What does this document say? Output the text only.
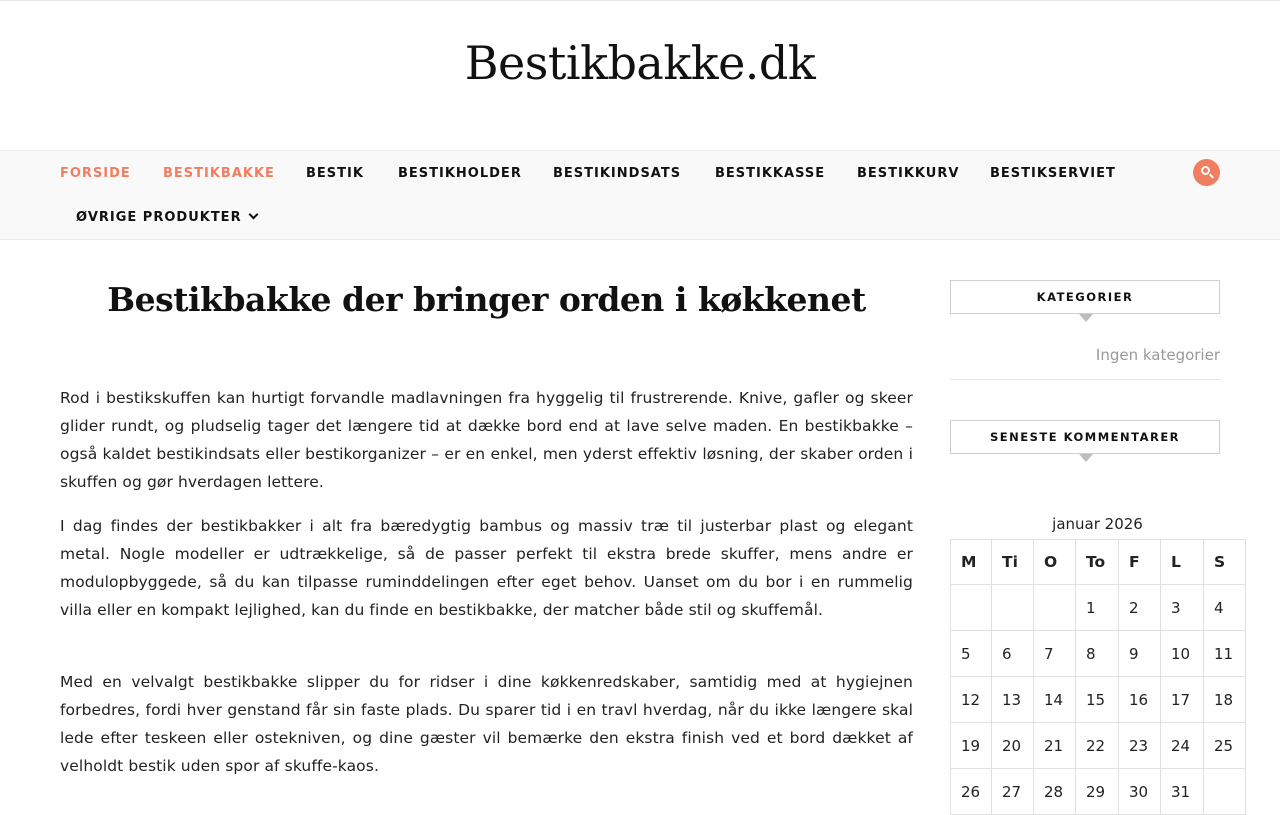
Bestikbakke.dk
FORSIDE BESTIKBAKKE BESTIK	BESTIKHOLDER BESTIKINDSATS	BESTIKKASSE BESTIKKURV BESTIKSERVIET
ØVRIGE PRODUKTER
Bestikbakke der bringer orden i køkkenet

Rod i bestikskuffen kan hurtigt forvandle madlavningen fra hyggelig til frustrerende. Knive, gafler og skeer glider rundt, og pludselig tager det længere tid at dække bord end at lave selve maden. En bestikbakke – også kaldet bestikindsats eller bestikorganizer – er en enkel, men yderst effektiv løsning, der skaber orden i skuffen og gør hverdagen lettere.

I dag findes der bestikbakker i alt fra bæredygtig bambus og massiv træ til justerbar plast og elegant metal. Nogle modeller er udtrækkelige, så de passer perfekt til ekstra brede skuffer, mens andre er modulopbyggede, så du kan tilpasse ruminddelingen efter eget behov. Uanset om du bor i en rummelig villa eller en kompakt lejlighed, kan du finde en bestikbakke, der matcher både stil og skuffemål.

Med en velvalgt bestikbakke slipper du for ridser i dine køkkenredskaber, samtidig med at hygiejnen forbedres, fordi hver genstand får sin faste plads. Du sparer tid i en travl hverdag, når du ikke længere skal lede efter teskeen eller ostekniven, og dine gæster vil bemærke den ekstra finish ved et bord dækket af velholdt bestik uden spor af skuffe-kaos.

KATEGORIER
Ingen kategorier
SENESTE KOMMENTARER
januar 2026
M	Ti	O	To	F	L	S
			1	2	3	4
5	6	7	8	9	10	11
12	13	14	15	16	17	18
19	20	21	22	23	24	25
26	27	28	29	30	31	
